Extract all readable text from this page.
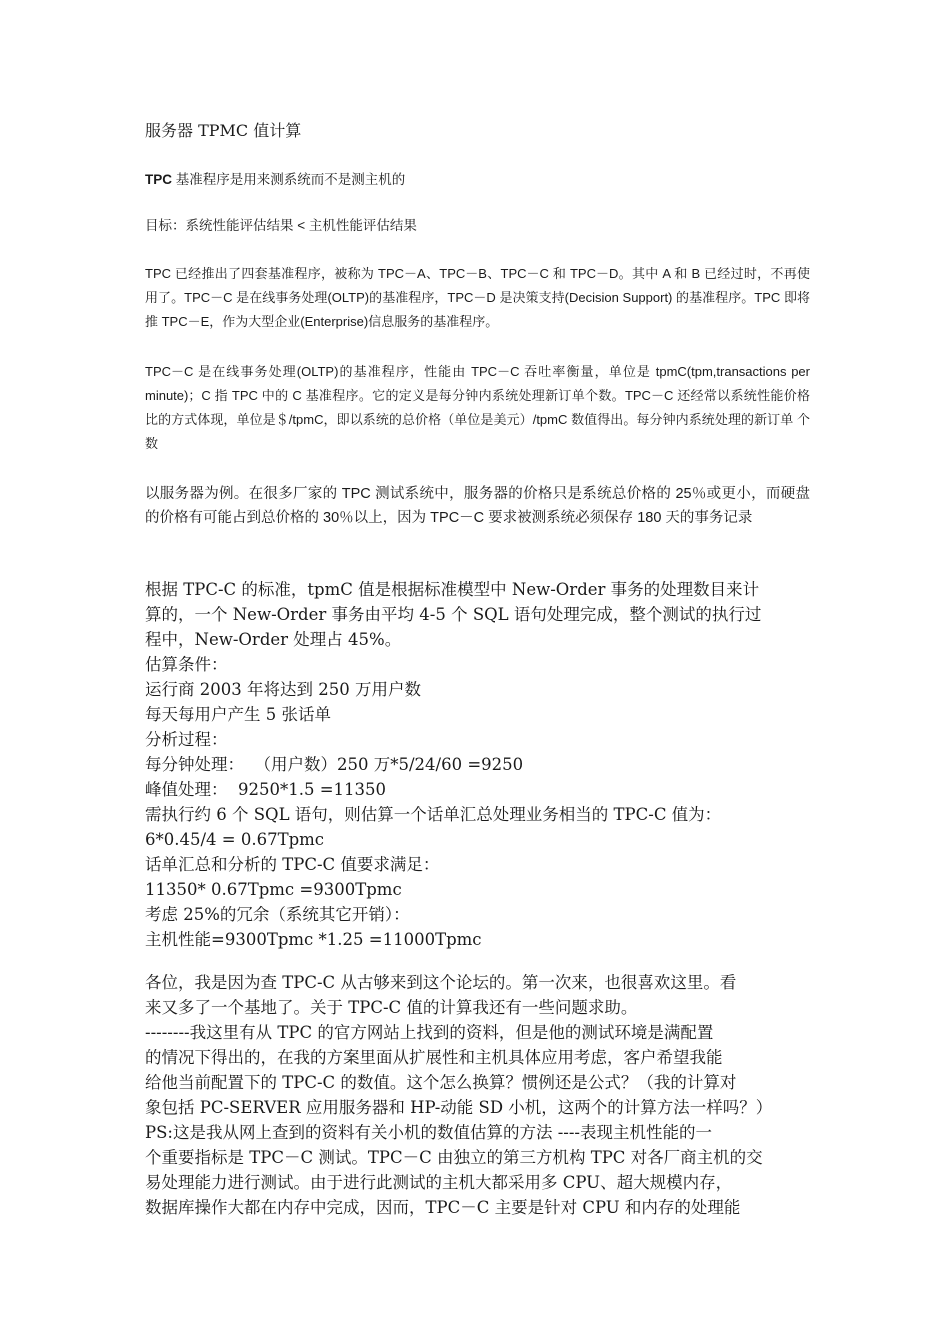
服务器 TPMC 值计算
TPC 基准程序是用来测系统而不是测主机的
目标：系统性能评估结果 < 主机性能评估结果
TPC 已经推出了四套基准程序，被称为 TPC－A、TPC－B、TPC－C 和 TPC－D。其中 A 和 B 已经过时，不再使用了。TPC－C 是在线事务处理(OLTP)的基准程序，TPC－D 是决策支持(Decision Support) 的基准程序。TPC 即将推 TPC－E，作为大型企业(Enterprise)信息服务的基准程序。
TPC－C 是在线事务处理(OLTP)的基准程序，性能由 TPC－C 吞吐率衡量，单位是 tpmC(tpm,transactions per minute)；C 指 TPC 中的 C 基准程序。它的定义是每分钟内系统处理新订单个数。TPC－C 还经常以系统性能价格比的方式体现，单位是＄/tpmC，即以系统的总价格（单位是美元）/tpmC 数值得出。每分钟内系统处理的新订单 个数
以服务器为例。在很多厂家的 TPC 测试系统中，服务器的价格只是系统总价格的 25％或更小，而硬盘的价格有可能占到总价格的 30％以上，因为 TPC－C 要求被测系统必须保存 180 天的事务记录
根据 TPC-C 的标准，tpmC 值是根据标准模型中 New-Order 事务的处理数目来计
算的，一个 New-Order 事务由平均 4-5 个 SQL 语句处理完成，整个测试的执行过
程中，New-Order 处理占 45%。
估算条件：
运行商 2003 年将达到 250 万用户数
每天每用户产生 5 张话单
分析过程：
每分钟处理：  （用户数）250 万*5/24/60 =9250
峰值处理：  9250*1.5 =11350
需执行约 6 个 SQL 语句，则估算一个话单汇总处理业务相当的 TPC-C 值为：
6*0.45/4 = 0.67Tpmc
话单汇总和分析的 TPC-C 值要求满足：
11350* 0.67Tpmc =9300Tpmc
考虑 25%的冗余（系统其它开销）：
主机性能=9300Tpmc *1.25 =11000Tpmc
各位，我是因为查 TPC-C 从古够来到这个论坛的。第一次来，也很喜欢这里。看
来又多了一个基地了。关于 TPC-C 值的计算我还有一些问题求助。
--------我这里有从 TPC 的官方网站上找到的资料，但是他的测试环境是满配置
的情况下得出的，在我的方案里面从扩展性和主机具体应用考虑，客户希望我能
给他当前配置下的 TPC-C 的数值。这个怎么换算？惯例还是公式？（我的计算对
象包括 PC-SERVER 应用服务器和 HP-动能 SD 小机，这两个的计算方法一样吗？）
PS:这是我从网上查到的资料有关小机的数值估算的方法 ----表现主机性能的一
个重要指标是 TPC－C 测试。TPC－C 由独立的第三方机构 TPC 对各厂商主机的交
易处理能力进行测试。由于进行此测试的主机大都采用多 CPU、超大规模内存，
数据库操作大都在内存中完成，因而，TPC－C 主要是针对 CPU 和内存的处理能
